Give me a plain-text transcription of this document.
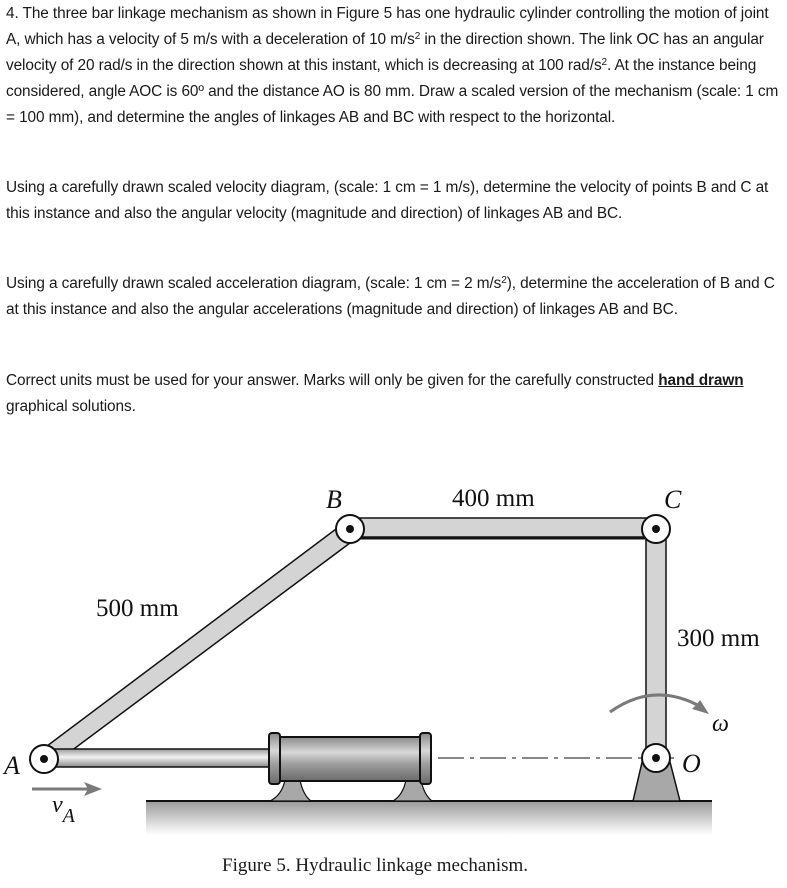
4. The three bar linkage mechanism as shown in Figure 5 has one hydraulic cylinder controlling the motion of joint A, which has a velocity of 5 m/s with a deceleration of 10 $m/s^2$ in the direction shown. The link OC has an angular velocity of 20 rad/s in the direction shown at this instant, which is decreasing at 100 rad/$s^2$. At the instance being considered, angle AOC is 60º and the distance AO is 80 mm. Draw a scaled version of the mechanism (scale: 1 cm = 100 mm), and determine the angles of linkages AB and BC with respect to the horizontal.

Using a carefully drawn scaled velocity diagram, (scale: 1 cm = 1 m/s), determine the velocity of points B and C at this instance and also the angular velocity (magnitude and direction) of linkages AB and BC.

Using a carefully drawn scaled acceleration diagram, (scale: 1 cm = 2 $m/s^2$), determine the acceleration of B and C at this instance and also the angular accelerations (magnitude and direction) of linkages AB and BC.

Correct units must be used for your answer. Marks will only be given for the carefully constructed hand drawn graphical solutions.

A
B	C
O
ω
$v_A$
500 mm
400 mm
300 mm
Figure 5. Hydraulic linkage mechanism.
